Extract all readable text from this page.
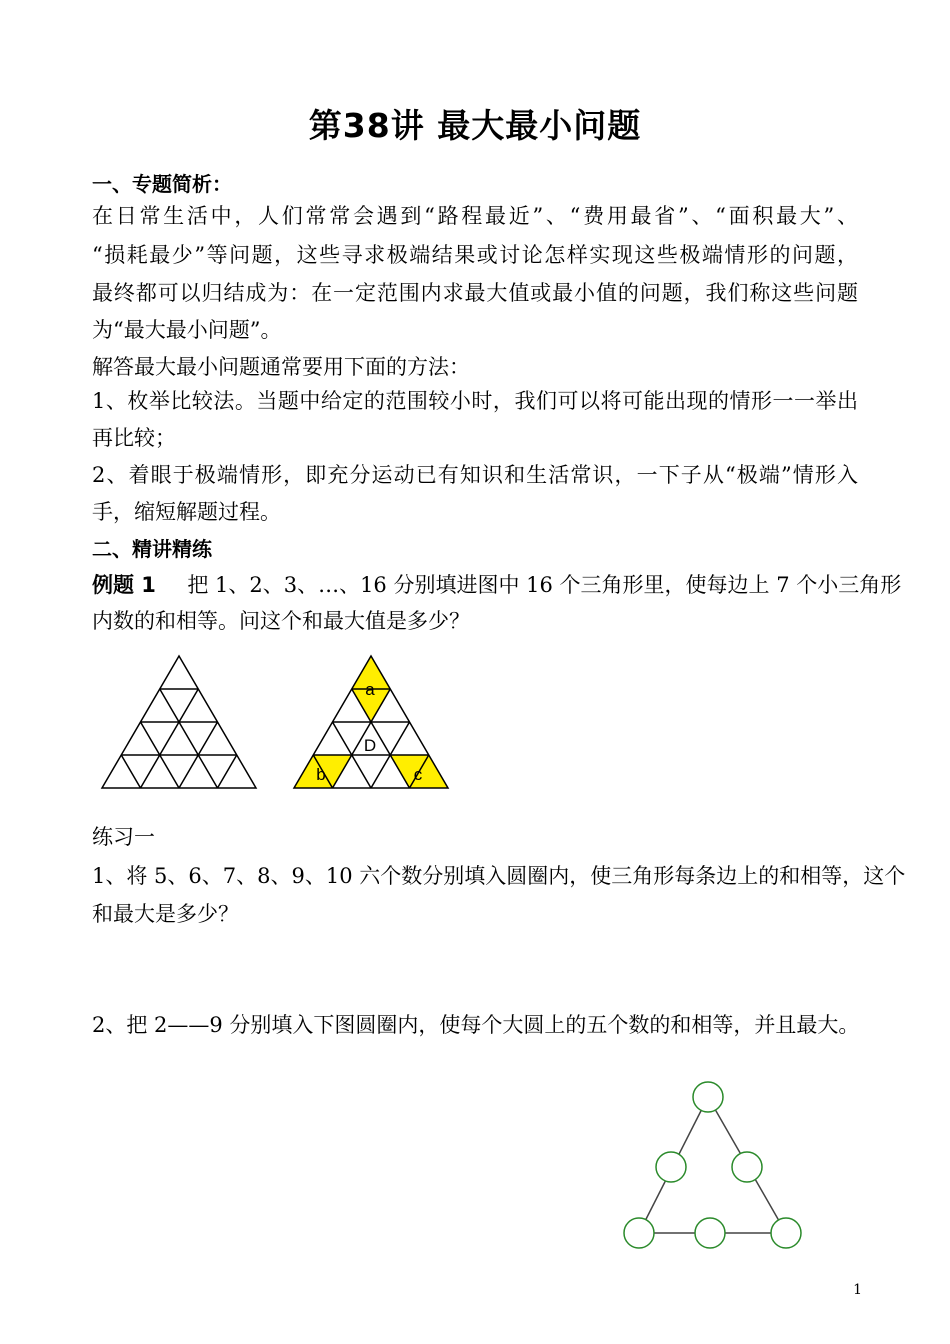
第38讲 最大最小问题
一、专题简析：
在日常生活中，人们常常会遇到“路程最近”、“费用最省”、“面积最大”、
“损耗最少”等问题，这些寻求极端结果或讨论怎样实现这些极端情形的问题，
最终都可以归结成为：在一定范围内求最大值或最小值的问题，我们称这些问题
为“最大最小问题”。
解答最大最小问题通常要用下面的方法：
1、枚举比较法。当题中给定的范围较小时，我们可以将可能出现的情形一一举出
再比较；
2、着眼于极端情形，即充分运动已有知识和生活常识，一下子从“极端”情形入
手，缩短解题过程。
二、精讲精练
例题 1 把 1、2、3、…、16 分别填进图中 16 个三角形里，使每边上 7 个小三角形
内数的和相等。问这个和最大值是多少？
a
D
b	c
练习一
1、将 5、6、7、8、9、10 六个数分别填入圆圈内，使三角形每条边上的和相等，这个
和最大是多少？
2、把 2——9 分别填入下图圆圈内，使每个大圆上的五个数的和相等，并且最大。
1
